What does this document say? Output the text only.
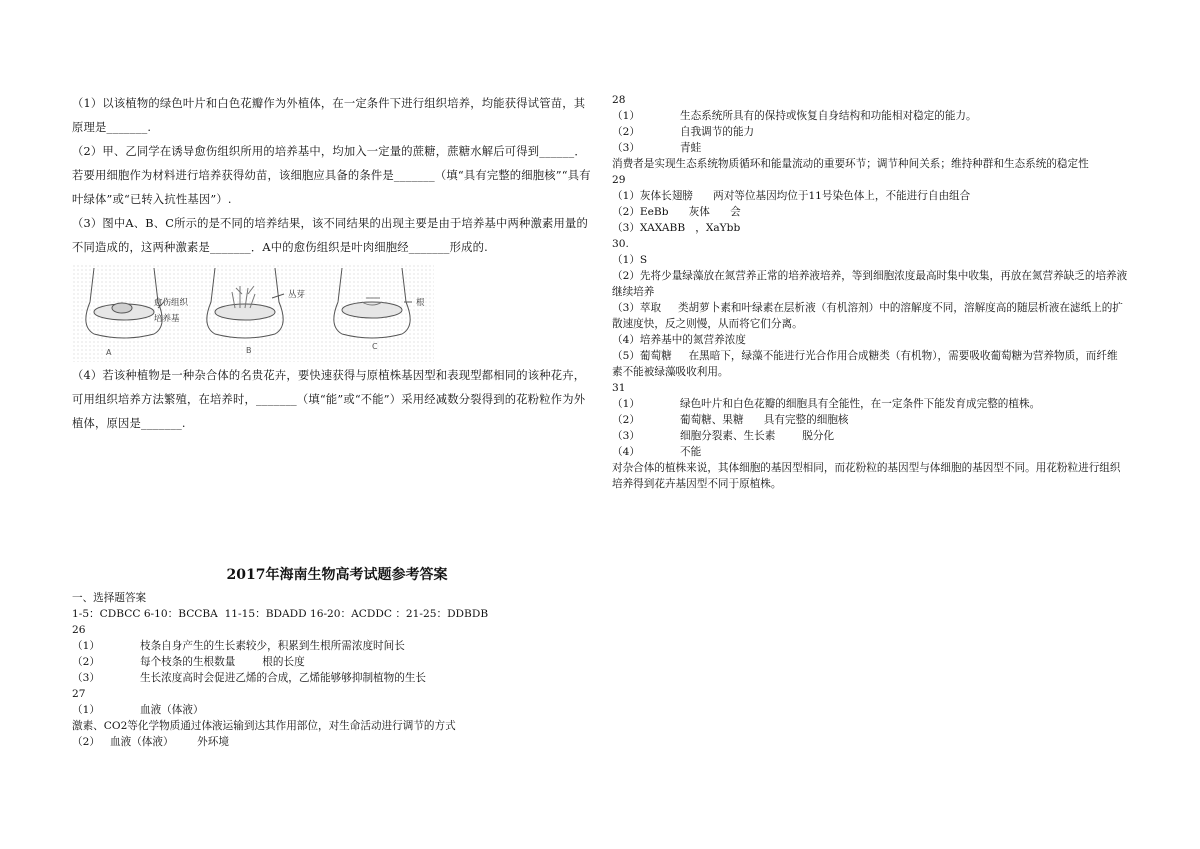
（1）以该植物的绿色叶片和白色花瓣作为外植体，在一定条件下进行组织培养，均能获得试管苗，其原理是_______.

（2）甲、乙同学在诱导愈伤组织所用的培养基中，均加入一定量的蔗糖，蔗糖水解后可得到______．若要用细胞作为材料进行培养获得幼苗，该细胞应具备的条件是_______（填“具有完整的细胞核”“具有叶绿体”或“已转入抗性基因”）.

（3）图中A、B、C所示的是不同的培养结果，该不同结果的出现主要是由于培养基中两种激素用量的不同造成的，这两种激素是_______．A中的愈伤组织是叶肉细胞经_______形成的.

愈伤组织
培养基
丛芽
根
A	B	C

（4）若该种植物是一种杂合体的名贵花卉，要快速获得与原植株基因型和表现型都相同的该种花卉，可用组织培养方法繁殖，在培养时，_______（填“能”或“不能”）采用经减数分裂得到的花粉粒作为外植体，原因是_______.

2017年海南生物高考试题参考答案

一、选择题答案

1-5：CDBCC 6-10：BCCBA  11-15：BDADD 16-20：ACDDC ：21-25：DDBDB

26

（1）	枝条自身产生的生长素较少，积累到生根所需浓度时间长
（2）	每个枝条的生根数量        根的长度
（3）	生长浓度高时会促进乙烯的合成，乙烯能够够抑制植物的生长

27

（1）	血液（体液）

激素、CO2等化学物质通过体液运输到达其作用部位，对生命活动进行调节的方式

（2）   血液（体液）       外环境

28

（1）	生态系统所具有的保持或恢复自身结构和功能相对稳定的能力。
（2）	自我调节的能力
（3）	青蛙

消费者是实现生态系统物质循环和能量流动的重要环节；调节种间关系；维持种群和生态系统的稳定性

29

（1）灰体长翅膀      两对等位基因均位于11号染色体上，不能进行自由组合

（2）EeBb      灰体      会

（3）XAXABB   ，XaYbb

30.

（1）S

（2）先将少量绿藻放在氮营养正常的培养液培养，等到细胞浓度最高时集中收集，再放在氮营养缺乏的培养液继续培养

（3）萃取     类胡萝卜素和叶绿素在层析液（有机溶剂）中的溶解度不同，溶解度高的随层析液在滤纸上的扩散速度快，反之则慢，从而将它们分离。

（4）培养基中的氮营养浓度

（5）葡萄糖     在黑暗下，绿藻不能进行光合作用合成糖类（有机物），需要吸收葡萄糖为营养物质，而纤维素不能被绿藻吸收利用。

31

（1）	绿色叶片和白色花瓣的细胞具有全能性，在一定条件下能发育成完整的植株。
（2）	葡萄糖、果糖      具有完整的细胞核
（3）	细胞分裂素、生长素        脱分化
（4）	不能

对杂合体的植株来说，其体细胞的基因型相同，而花粉粒的基因型与体细胞的基因型不同。用花粉粒进行组织培养得到花卉基因型不同于原植株。
